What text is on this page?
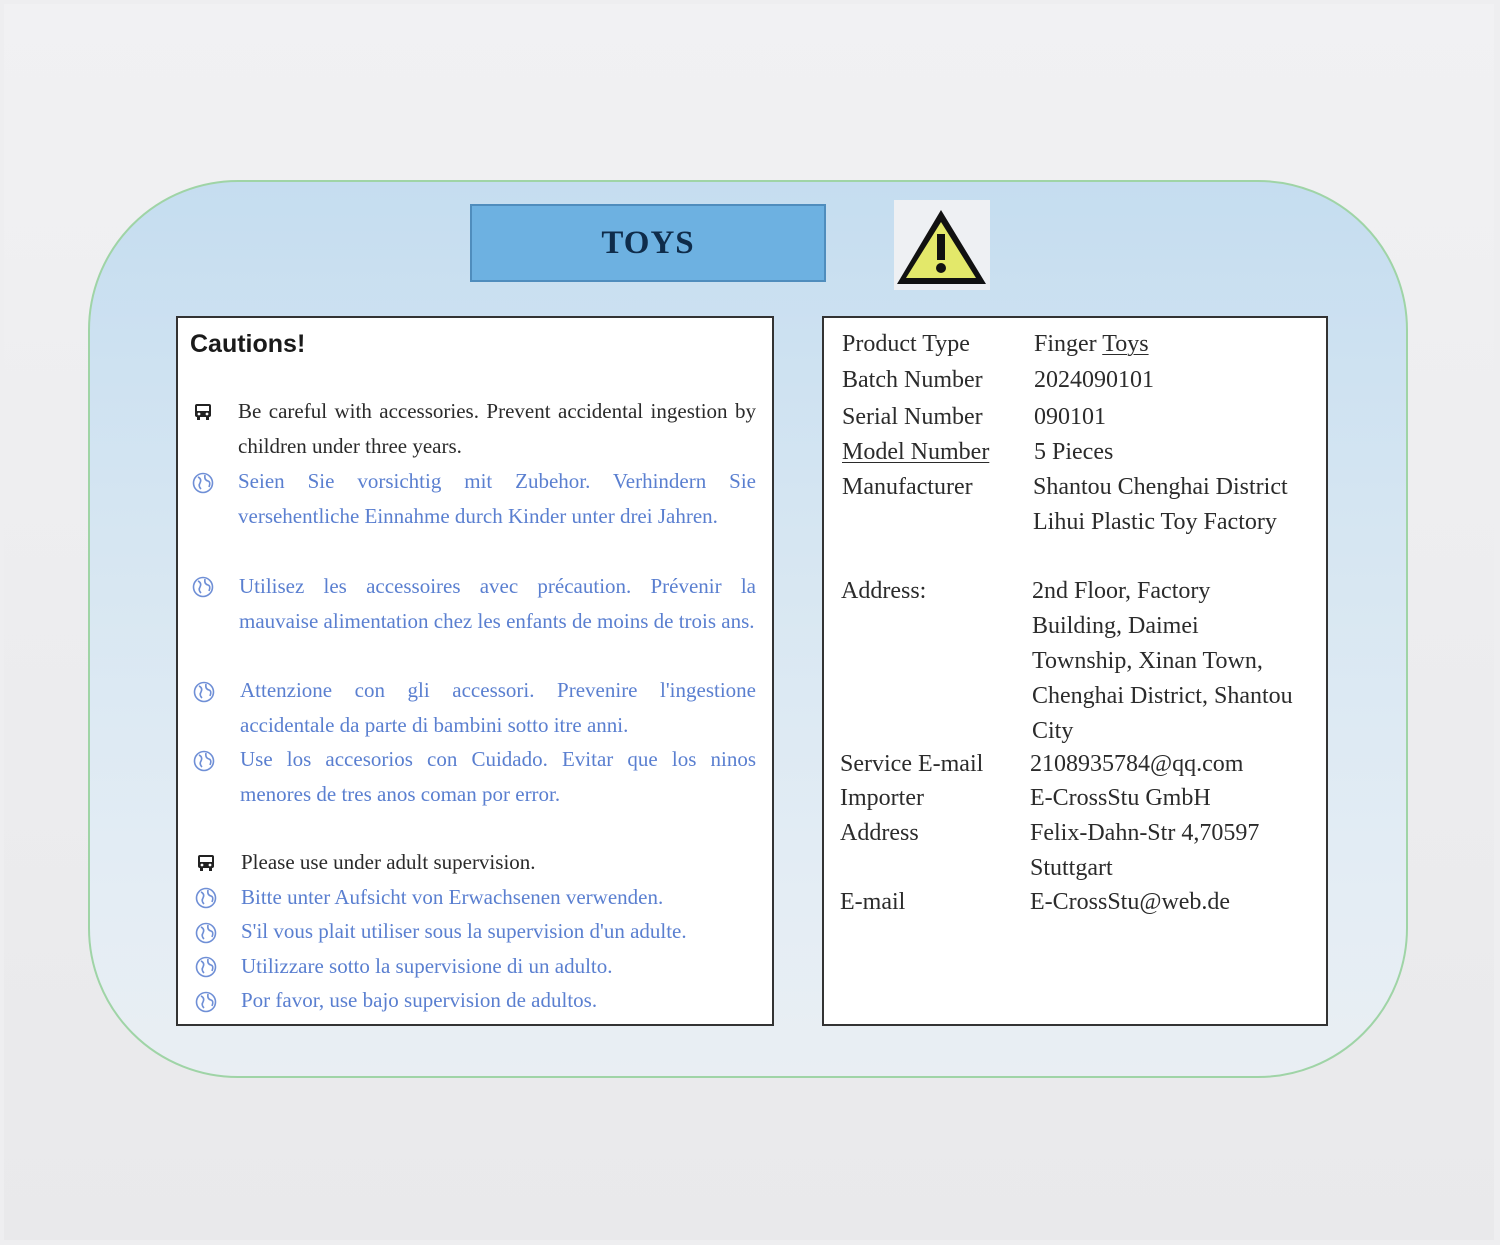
TOYS
Cautions!

Be careful with accessories. Prevent accidental ingestion by children under three years.

Seien Sie vorsichtig mit Zubehor. Verhindern Sie versehentliche Einnahme durch Kinder unter drei Jahren.

Utilisez les accessoires avec précaution. Prévenir la mauvaise alimentation chez les enfants de moins de trois ans.

Attenzione con gli accessori. Prevenire l'ingestione accidentale da parte di bambini sotto itre anni.

Use los accesorios con Cuidado. Evitar que los ninos menores de tres anos coman por error.

Please use under adult supervision.

Bitte unter Aufsicht von Erwachsenen verwenden.

S'il vous plait utiliser sous la supervision d'un adulte.

Utilizzare sotto la supervisione di un adulto.

Por favor, use bajo supervision de adultos.

Product Type	Finger Toys
Batch Number 2024090101
Serial Number 090101
Model Number 5 Pieces
Manufacturer	Shantou Chenghai District Lihui Plastic Toy Factory

Address:	2nd Floor, Factory Building, Daimei Township, Xinan Town, Chenghai District, Shantou City

Service E-mail 2108935784@qq.com
Importer	E-CrossStu GmbH
Address	Felix-Dahn-Str 4,70597 Stuttgart

E-mail	E-CrossStu@web.de
